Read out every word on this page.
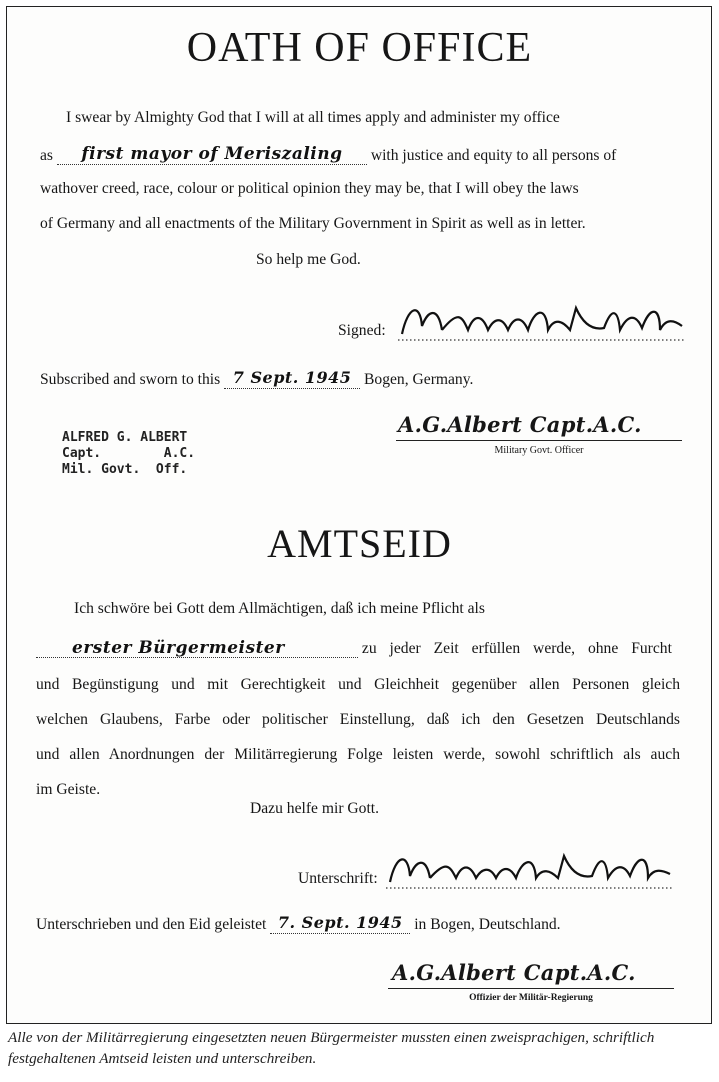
OATH OF OFFICE
I swear by Almighty God that I will at all times apply and administer my office
as first mayor of Meriszaling with justice and equity to all persons of
wathover creed, race, colour or political opinion they may be, that I will obey the laws
of Germany and all enactments of the Military Government in Spirit as well as in letter.
So help me God.
Signed:
Subscribed and sworn to this 7 Sept. 1945 Bogen, Germany.
A.G.Albert Capt.A.C.
Military Govt. Officer
ALFRED G. ALBERT
Capt.        A.C.
Mil. Govt.  Off.
AMTSEID
Ich schwöre bei Gott dem Allmächtigen, daß ich meine Pflicht als
erster Bürgermeister	zu jeder Zeit erfüllen werde, ohne Furcht
und Begünstigung und mit Gerechtigkeit und Gleichheit gegenüber allen Personen gleich
welchen Glaubens, Farbe oder politischer Einstellung, daß ich den Gesetzen Deutschlands
und allen Anordnungen der Militärregierung Folge leisten werde, sowohl schriftlich als auch
im Geiste.
Dazu helfe mir Gott.
Unterschrift:
Unterschrieben und den Eid geleistet 7. Sept. 1945 in Bogen, Deutschland.
A.G.Albert Capt.A.C.
Offizier der Militär-Regierung
Alle von der Militärregierung eingesetzten neuen Bürgermeister mussten einen zweisprachigen, schriftlich festgehaltenen Amtseid leisten und unterschreiben.
